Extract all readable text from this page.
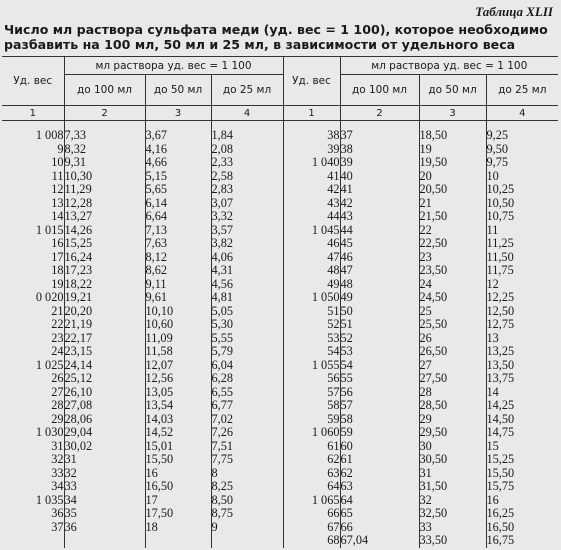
Таблица XLII
Число мл раствора сульфата меди (уд. вес = 1 100), которое необходимо
разбавить на 100 мл, 50 мл и 25 мл, в зависимости от удельного веса
Уд. вес	мл раствора уд. вес = 1 100			Уд. вес	мл раствора уд. вес = 1 100		
	до 100 мл	до 50 мл	до 25 мл		до 100 мл	до 50 мл	до 25 мл
1	2	3	4	1	2	3	4

1 008	7,33	3,67	1,84	38	37	18,50	9,25
9	8,32	4,16	2,08	39	38	19	9,50
10	9,31	4,66	2,33	1 040	39	19,50	9,75
11	10,30	5,15	2,58	41	40	20	10
12	11,29	5,65	2,83	42	41	20,50	10,25
13	12,28	6,14	3,07	43	42	21	10,50
14	13,27	6,64	3,32	44	43	21,50	10,75
1 015	14,26	7,13	3,57	1 045	44	22	11
16	15,25	7,63	3,82	46	45	22,50	11,25
17	16,24	8,12	4,06	47	46	23	11,50
18	17,23	8,62	4,31	48	47	23,50	11,75
19	18,22	9,11	4,56	49	48	24	12
0 020	19,21	9,61	4,81	1 050	49	24,50	12,25
21	20,20	10,10	5,05	51	50	25	12,50
22	21,19	10,60	5,30	52	51	25,50	12,75
23	22,17	11,09	5,55	53	52	26	13
24	23,15	11,58	5,79	54	53	26,50	13,25
1 025	24,14	12,07	6,04	1 055	54	27	13,50
26	25,12	12,56	6,28	56	55	27,50	13,75
27	26,10	13,05	6,55	57	56	28	14
28	27,08	13,54	6,77	58	57	28,50	14,25
29	28,06	14,03	7,02	59	58	29	14,50
1 030	29,04	14,52	7,26	1 060	59	29,50	14,75
31	30,02	15,01	7,51	61	60	30	15
32	31	15,50	7,75	62	61	30,50	15,25
33	32	16	8	63	62	31	15,50
34	33	16,50	8,25	64	63	31,50	15,75
1 035	34	17	8,50	1 065	64	32	16
36	35	17,50	8,75	66	65	32,50	16,25
37	36	18	9	67	66	33	16,50
				68	67,04	33,50	16,75
